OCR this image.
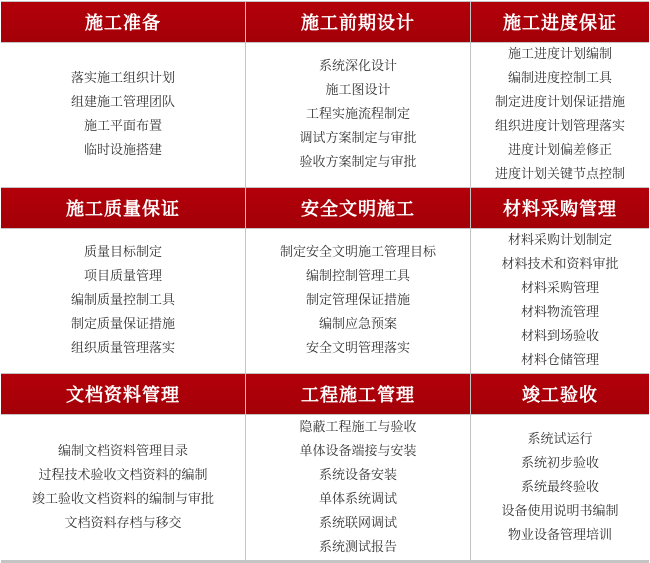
施工准备	施工前期设计	施工进度保证
落实施工组织计划
组建施工管理团队
施工平面布置
临时设施搭建
系统深化设计
施工图设计
工程实施流程制定
调试方案制定与审批
验收方案制定与审批
施工进度计划编制
编制进度控制工具
制定进度计划保证措施
组织进度计划管理落实
进度计划偏差修正
进度计划关键节点控制
施工质量保证	安全文明施工	材料采购管理
质量目标制定
项目质量管理
编制质量控制工具
制定质量保证措施
组织质量管理落实
制定安全文明施工管理目标
编制控制管理工具
制定管理保证措施
编制应急预案
安全文明管理落实
材料采购计划制定
材料技术和资料审批
材料采购管理
材料物流管理
材料到场验收
材料仓储管理
文档资料管理	工程施工管理	竣工验收
编制文档资料管理目录
过程技术验收文档资料的编制
竣工验收文档资料的编制与审批
文档资料存档与移交
隐蔽工程施工与验收
单体设备端接与安装
系统设备安装
单体系统调试
系统联网调试
系统测试报告
系统试运行
系统初步验收
系统最终验收
设备使用说明书编制
物业设备管理培训
